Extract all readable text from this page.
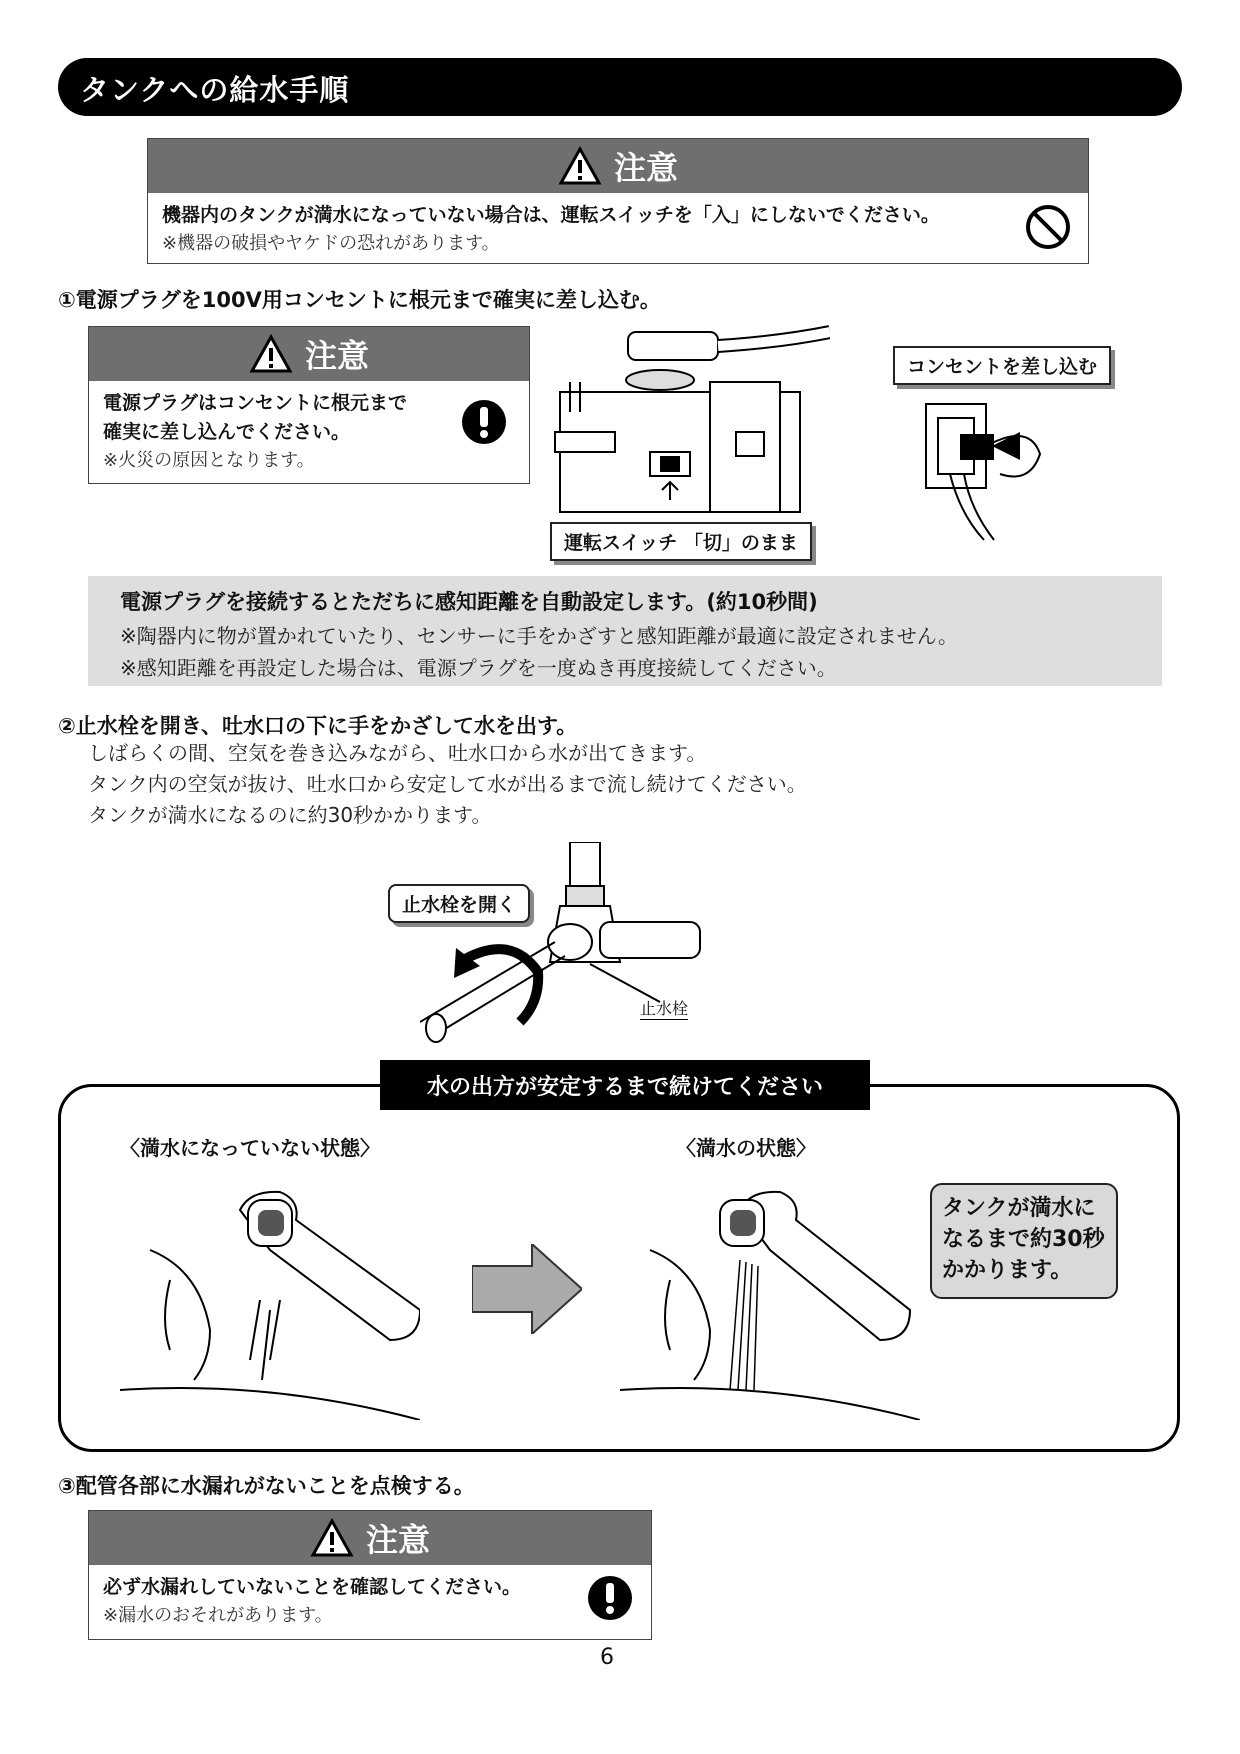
タンクへの給水手順
注意
機器内のタンクが満水になっていない場合は、運転スイッチを「入」にしないでください。
※機器の破損やヤケドの恐れがあります。
①電源プラグを100V用コンセントに根元まで確実に差し込む。
注意
電源プラグはコンセントに根元まで
確実に差し込んでください。
※火災の原因となります。
コンセントを差し込む
運転スイッチ 「切」のまま
電源プラグを接続するとただちに感知距離を自動設定します。(約10秒間)
※陶器内に物が置かれていたり、センサーに手をかざすと感知距離が最適に設定されません。
※感知距離を再設定した場合は、電源プラグを一度ぬき再度接続してください。
②止水栓を開き、吐水口の下に手をかざして水を出す。
しばらくの間、空気を巻き込みながら、吐水口から水が出てきます。
タンク内の空気が抜け、吐水口から安定して水が出るまで流し続けてください。
タンクが満水になるのに約30秒かかります。
止水栓を開く
止水栓
水の出方が安定するまで続けてください
〈満水になっていない状態〉	〈満水の状態〉
タンクが満水に
なるまで約30秒
かかります。
③配管各部に水漏れがないことを点検する。
注意
必ず水漏れしていないことを確認してください。
※漏水のおそれがあります。
6
